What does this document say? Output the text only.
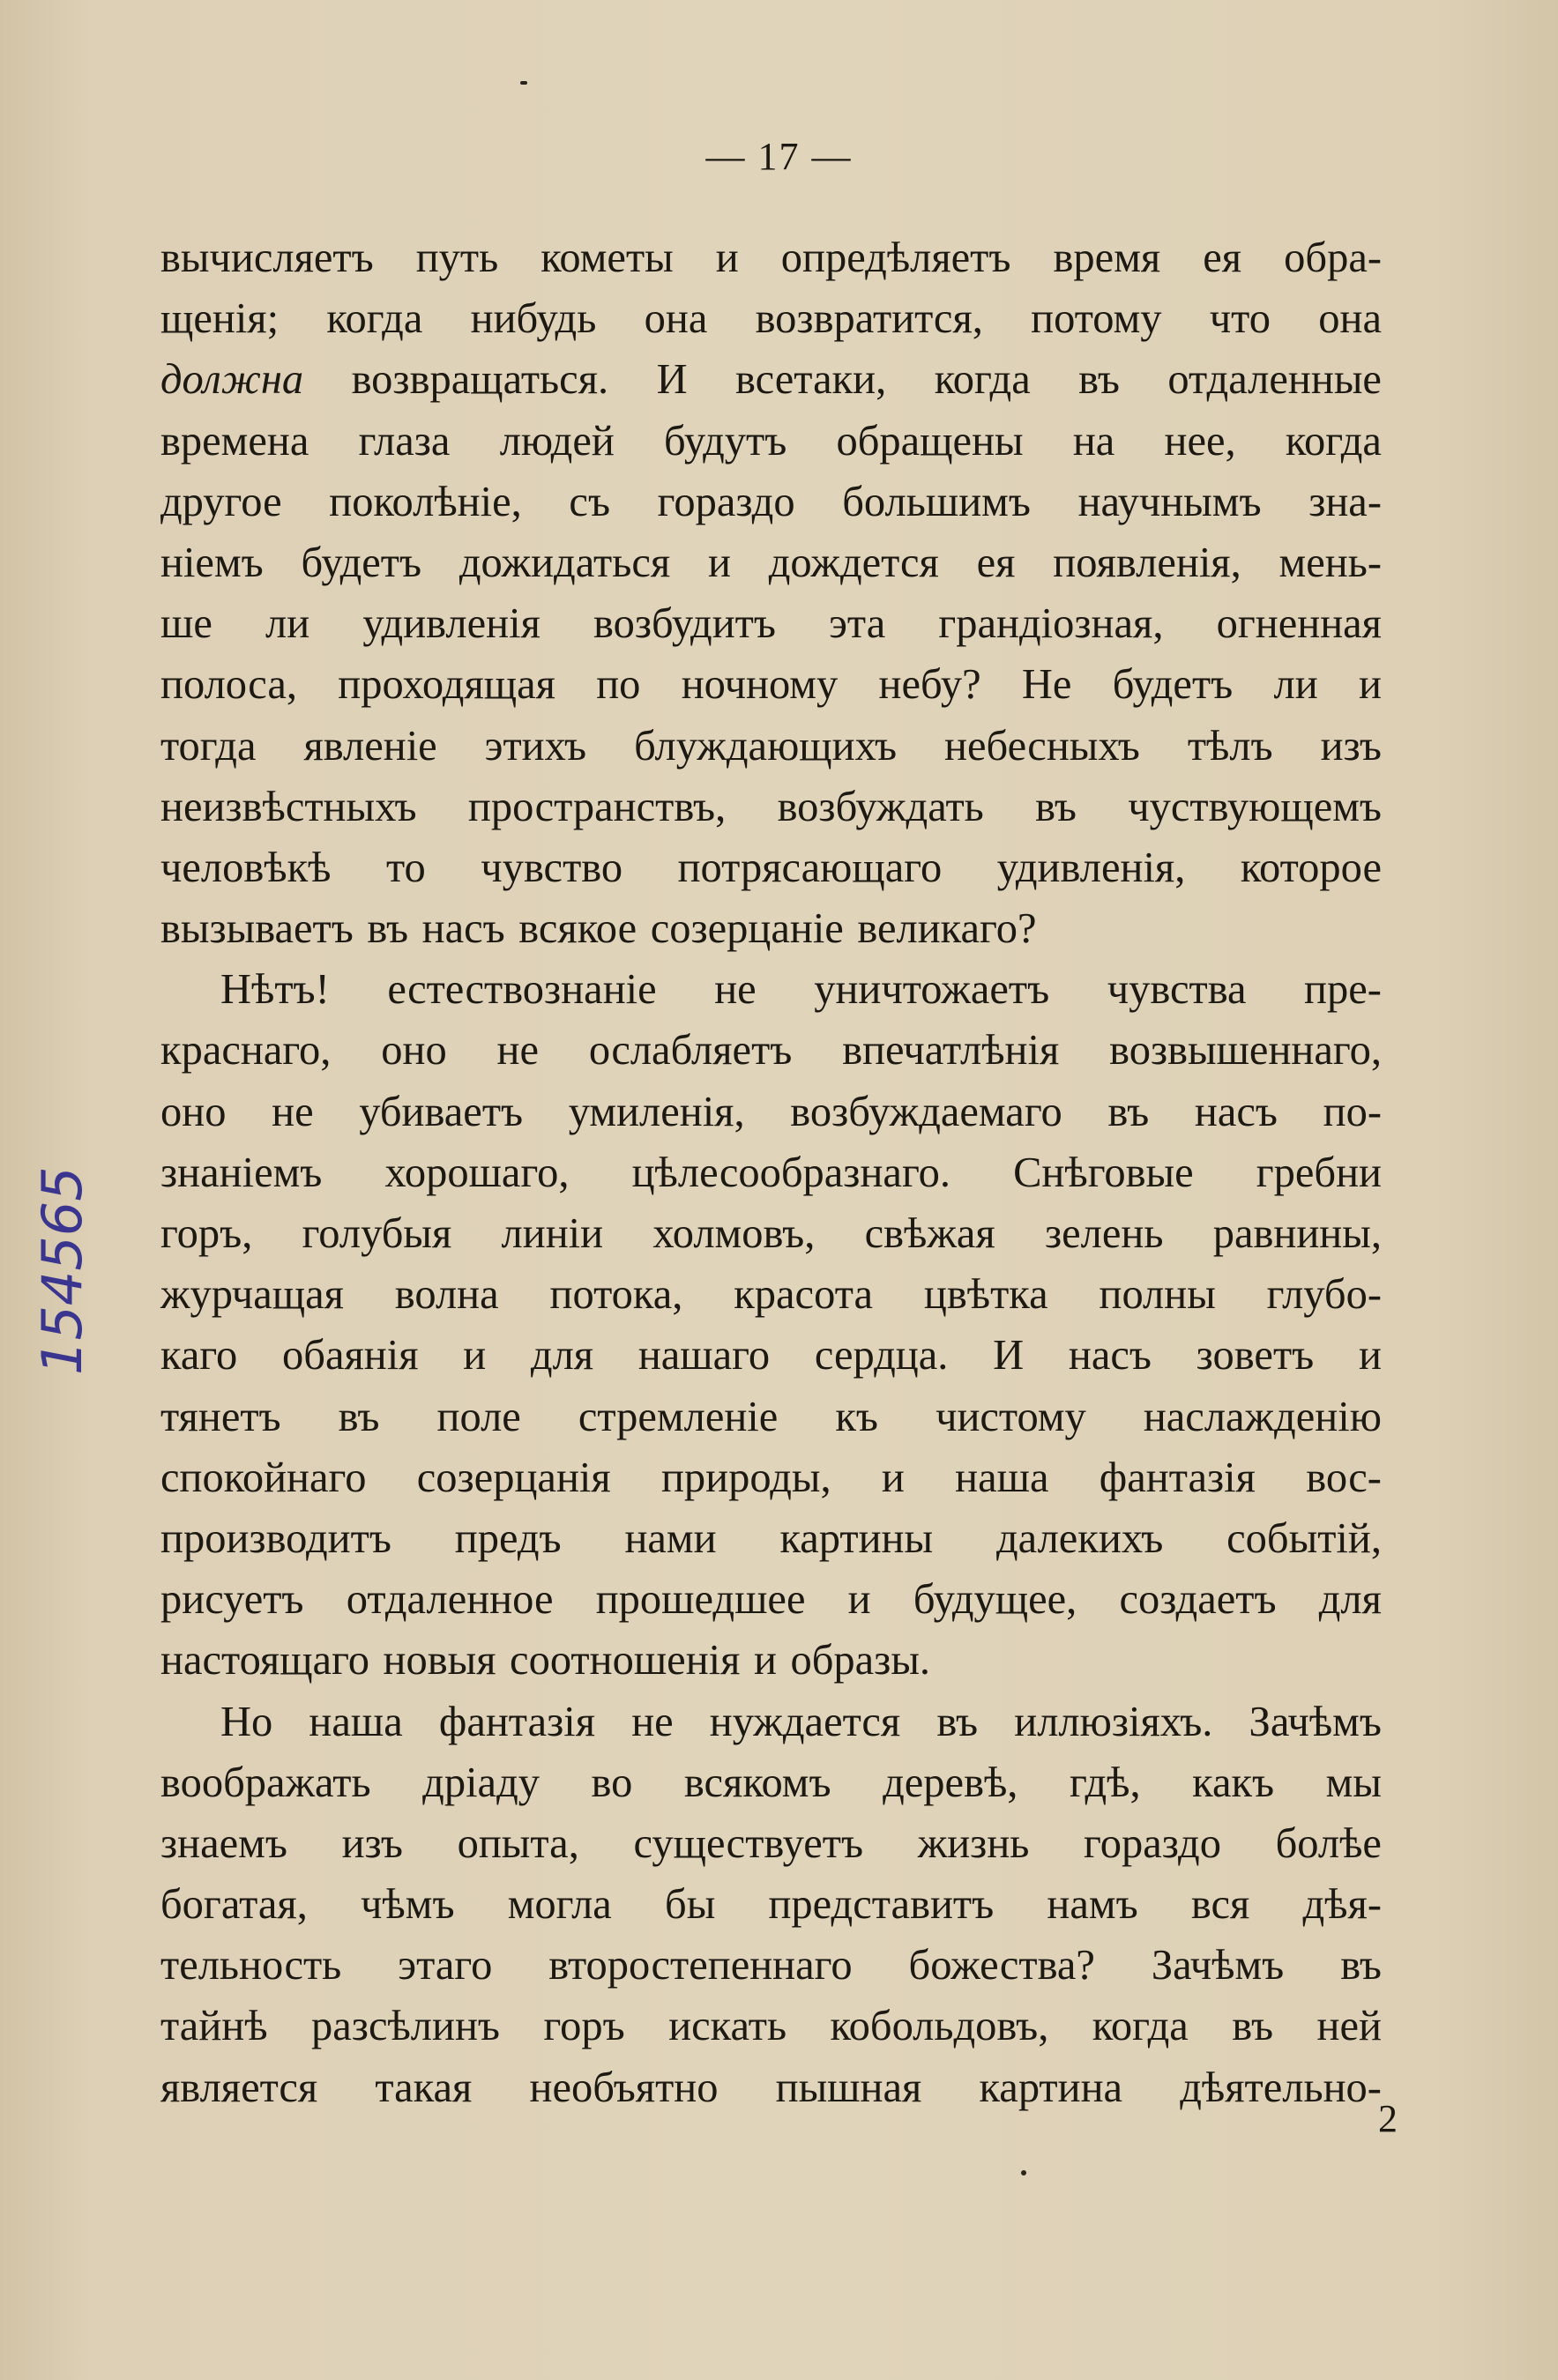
— 17 —
вычисляетъ путь кометы и опредѣляетъ время ея обра-
щенія; когда нибудь она возвратится, потому что она
должна возвращаться. И всетаки, когда въ отдаленные
времена глаза людей будутъ обращены на нее, когда
другое поколѣніе, съ гораздо большимъ научнымъ зна-
ніемъ будетъ дожидаться и дождется ея появленія, мень-
ше ли удивленія возбудитъ эта грандіозная, огненная
полоса, проходящая по ночному небу? Не будетъ ли и
тогда явленіе этихъ блуждающихъ небесныхъ тѣлъ изъ
неизвѣстныхъ пространствъ, возбуждать въ чуствующемъ
человѣкѣ то чувство потрясающаго удивленія, которое
вызываетъ въ насъ всякое созерцаніе великаго?
Нѣтъ! естествознаніе не уничтожаетъ чувства пре-
краснаго, оно не ослабляетъ впечатлѣнія возвышеннаго,
оно не убиваетъ умиленія, возбуждаемаго въ насъ по-
знаніемъ хорошаго, цѣлесообразнаго. Снѣговые гребни
горъ, голубыя линіи холмовъ, свѣжая зелень равнины,
журчащая волна потока, красота цвѣтка полны глубо-
каго обаянія и для нашаго сердца. И насъ зоветъ и
тянетъ въ поле стремленіе къ чистому наслажденію
спокойнаго созерцанія природы, и наша фантазія вос-
производитъ предъ нами картины далекихъ событій,
рисуетъ отдаленное прошедшее и будущее, создаетъ для
настоящаго новыя соотношенія и образы.
Но наша фантазія не нуждается въ иллюзіяхъ. Зачѣмъ
воображать дріаду во всякомъ деревѣ, гдѣ, какъ мы
знаемъ изъ опыта, существуетъ жизнь гораздо болѣе
богатая, чѣмъ могла бы представитъ намъ вся дѣя-
тельность этаго второстепеннаго божества? Зачѣмъ въ
тайнѣ разсѣлинъ горъ искать кобольдовъ, когда въ ней
является такая необъятно пышная картина дѣятельно-
2
154565
